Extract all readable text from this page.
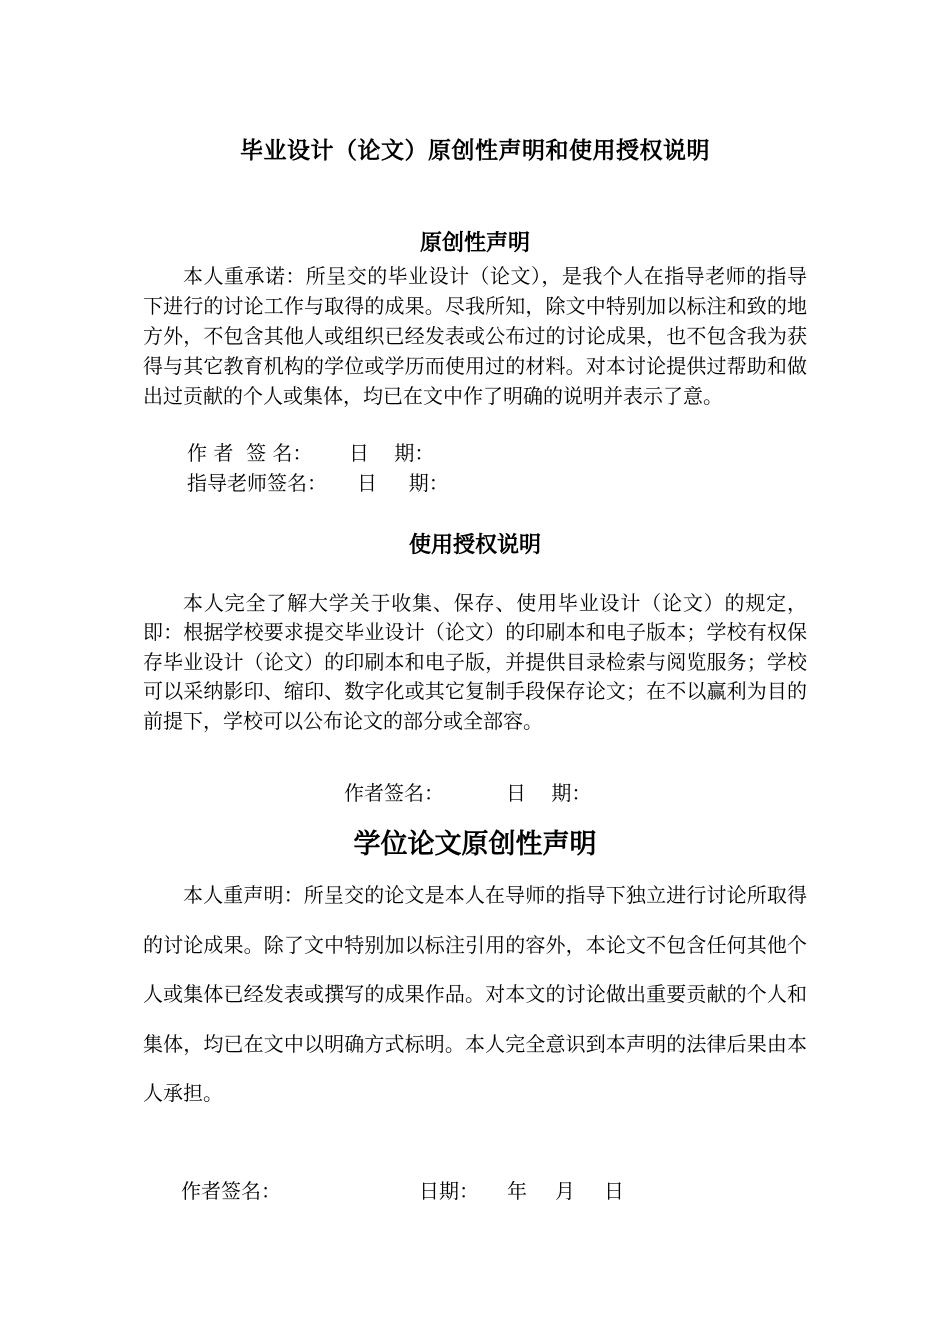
毕业设计（论文）原创性声明和使用授权说明
原创性声明

本人重承诺：所呈交的毕业设计（论文），是我个人在指导老师的指导下进行的讨论工作与取得的成果。尽我所知，除文中特别加以标注和致的地方外，不包含其他人或组织已经发表或公布过的讨论成果，也不包含我为获得与其它教育机构的学位或学历而使用过的材料。对本讨论提供过帮助和做出过贡献的个人或集体，均已在文中作了明确的说明并表示了意。

作 者  签 名： 日    期：
指导老师签名： 日     期：
使用授权说明

本人完全了解大学关于收集、保存、使用毕业设计（论文）的规定，即：根据学校要求提交毕业设计（论文）的印刷本和电子版本；学校有权保存毕业设计（论文）的印刷本和电子版，并提供目录检索与阅览服务；学校可以采纳影印、缩印、数字化或其它复制手段保存论文；在不以赢利为目的前提下，学校可以公布论文的部分或全部容。

作者签名：	日    期：
学位论文原创性声明

本人重声明：所呈交的论文是本人在导师的指导下独立进行讨论所取得的讨论成果。除了文中特别加以标注引用的容外，本论文不包含任何其他个人或集体已经发表或撰写的成果作品。对本文的讨论做出重要贡献的个人和集体，均已在文中以明确方式标明。本人完全意识到本声明的法律后果由本人承担。

作者签名：	日期： 年 月 日
